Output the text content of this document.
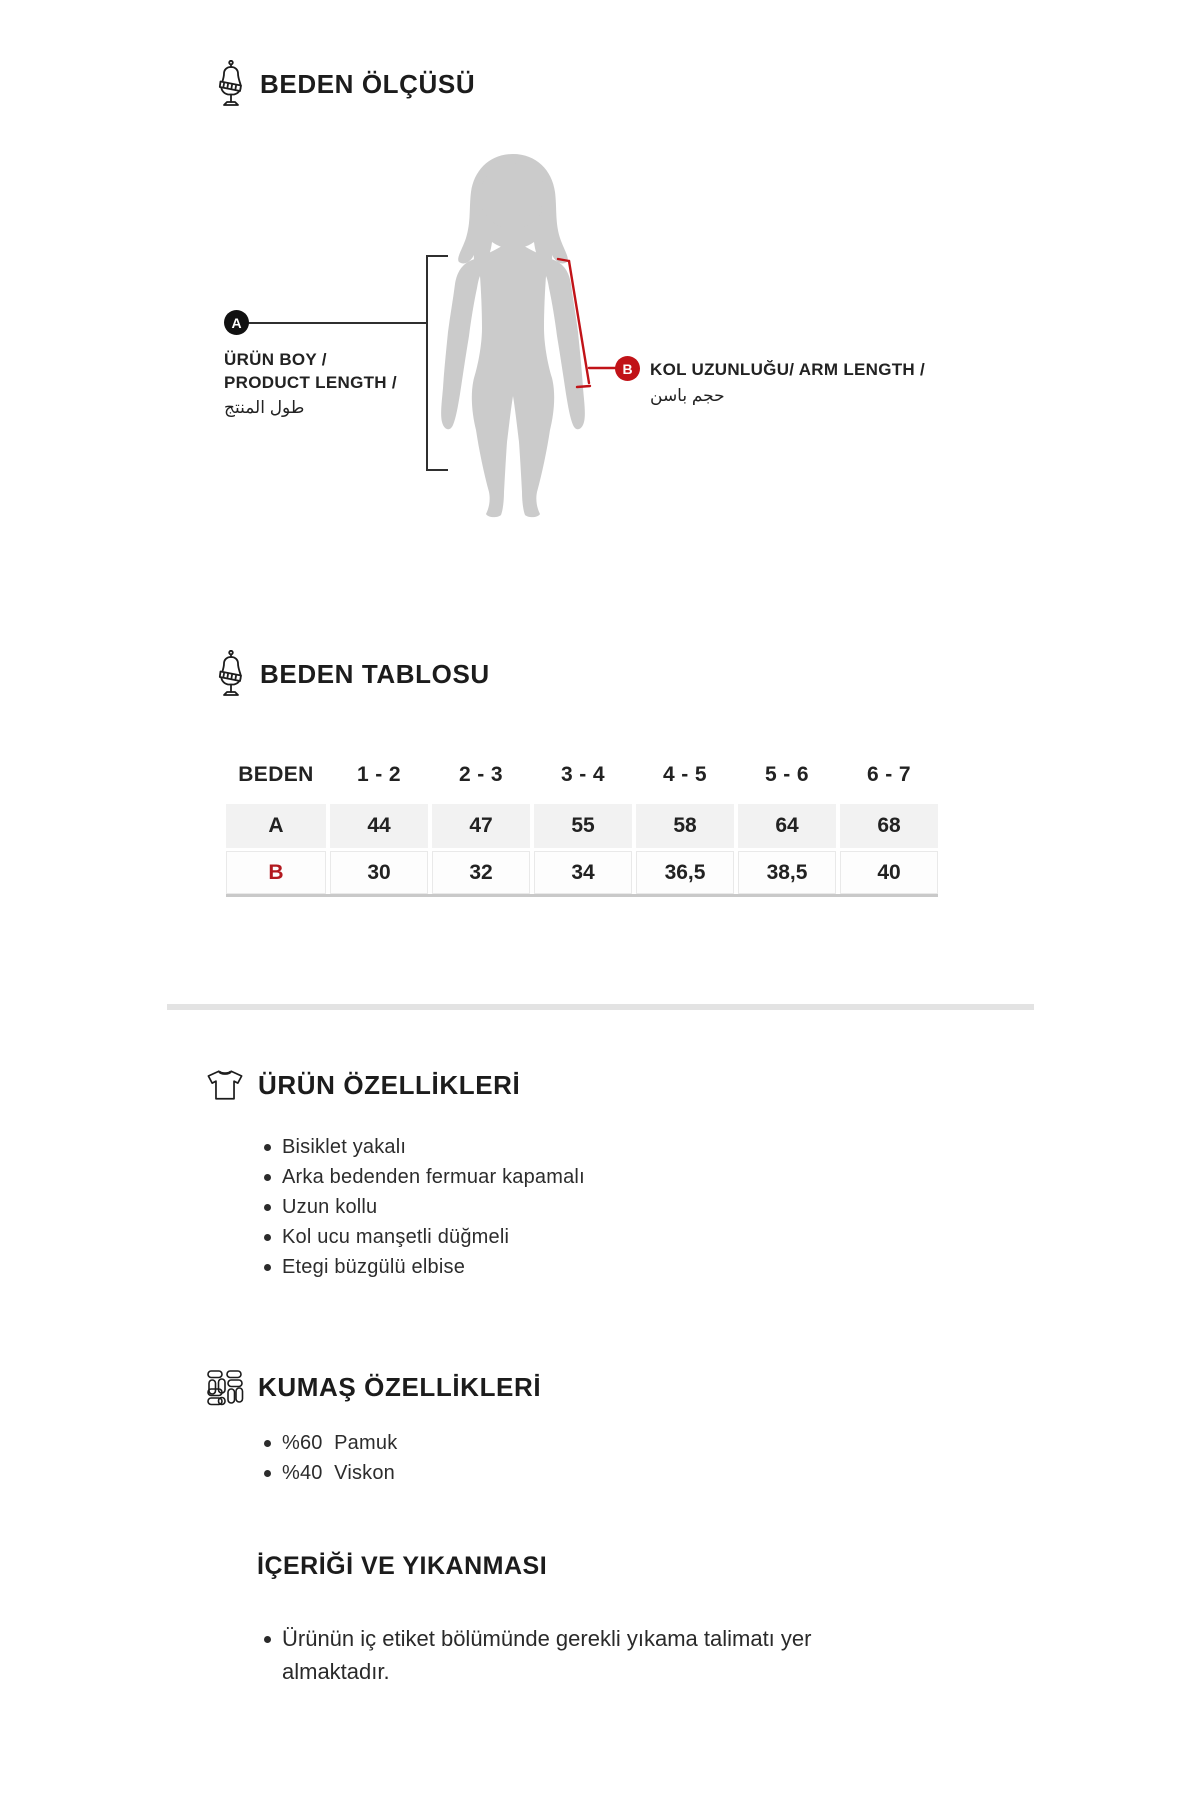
BEDEN ÖLÇÜSÜ
A
ÜRÜN BOY /
PRODUCT LENGTH /
طول المنتج
B	KOL UZUNLUĞU/ ARM LENGTH /
حجم باسن
BEDEN TABLOSU
BEDEN	1 - 2	2 - 3	3 - 4	4 - 5	5 - 6	6 - 7
A	44	47	55	58	64	68
B	30	32	34	36,5	38,5	40
ÜRÜN ÖZELLİKLERİ
Bisiklet yakalı
Arka bedenden fermuar kapamalı
Uzun kollu
Kol ucu manşetli düğmeli
Etegi büzgülü elbise
KUMAŞ ÖZELLİKLERİ
%60  Pamuk
%40  Viskon
İÇERİĞİ VE YIKANMASI
Ürünün iç etiket bölümünde gerekli yıkama talimatı yer almaktadır.
